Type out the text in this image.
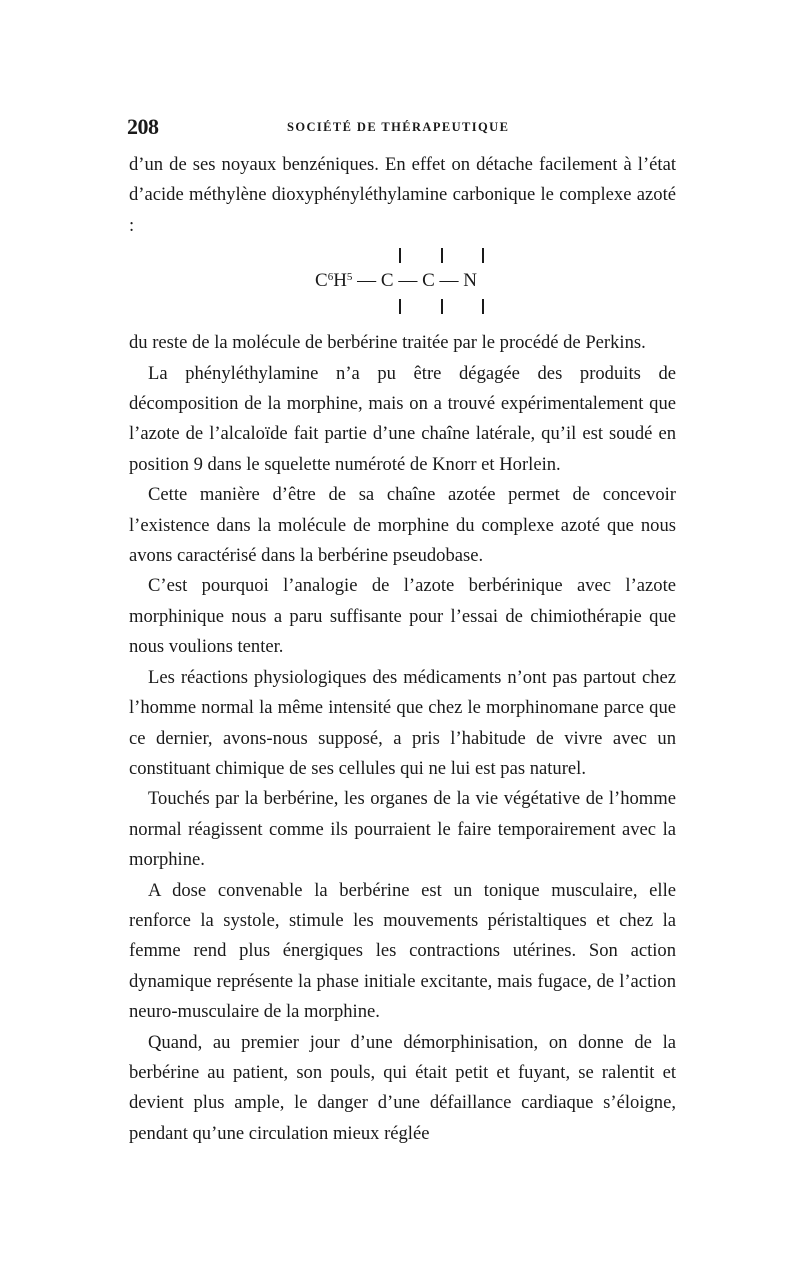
208	SOCIÉTÉ DE THÉRAPEUTIQUE

d’un de ses noyaux benzéniques. En effet on détache facilement à l’état d’acide méthylène dioxyphényléthylamine carbonique le complexe azoté :

$C^6H^5$ — C — C — N

du reste de la molécule de berbérine traitée par le procédé de Perkins.

La phényléthylamine n’a pu être dégagée des produits de décomposition de la morphine, mais on a trouvé expérimentalement que l’azote de l’alcaloïde fait partie d’une chaîne latérale, qu’il est soudé en position 9 dans le squelette numéroté de Knorr et Horlein.

Cette manière d’être de sa chaîne azotée permet de concevoir l’existence dans la molécule de morphine du complexe azoté que nous avons caractérisé dans la berbérine pseudobase.

C’est pourquoi l’analogie de l’azote berbérinique avec l’azote morphinique nous a paru suffisante pour l’essai de chimiothérapie que nous voulions tenter.

Les réactions physiologiques des médicaments n’ont pas partout chez l’homme normal la même intensité que chez le morphinomane parce que ce dernier, avons-nous supposé, a pris l’habitude de vivre avec un constituant chimique de ses cellules qui ne lui est pas naturel.

Touchés par la berbérine, les organes de la vie végétative de l’homme normal réagissent comme ils pourraient le faire temporairement avec la morphine.

A dose convenable la berbérine est un tonique musculaire, elle renforce la systole, stimule les mouvements péristaltiques et chez la femme rend plus énergiques les contractions utérines. Son action dynamique représente la phase initiale excitante, mais fugace, de l’action neuro-musculaire de la morphine.

Quand, au premier jour d’une démorphinisation, on donne de la berbérine au patient, son pouls, qui était petit et fuyant, se ralentit et devient plus ample, le danger d’une défaillance cardiaque s’éloigne, pendant qu’une circulation mieux réglée
